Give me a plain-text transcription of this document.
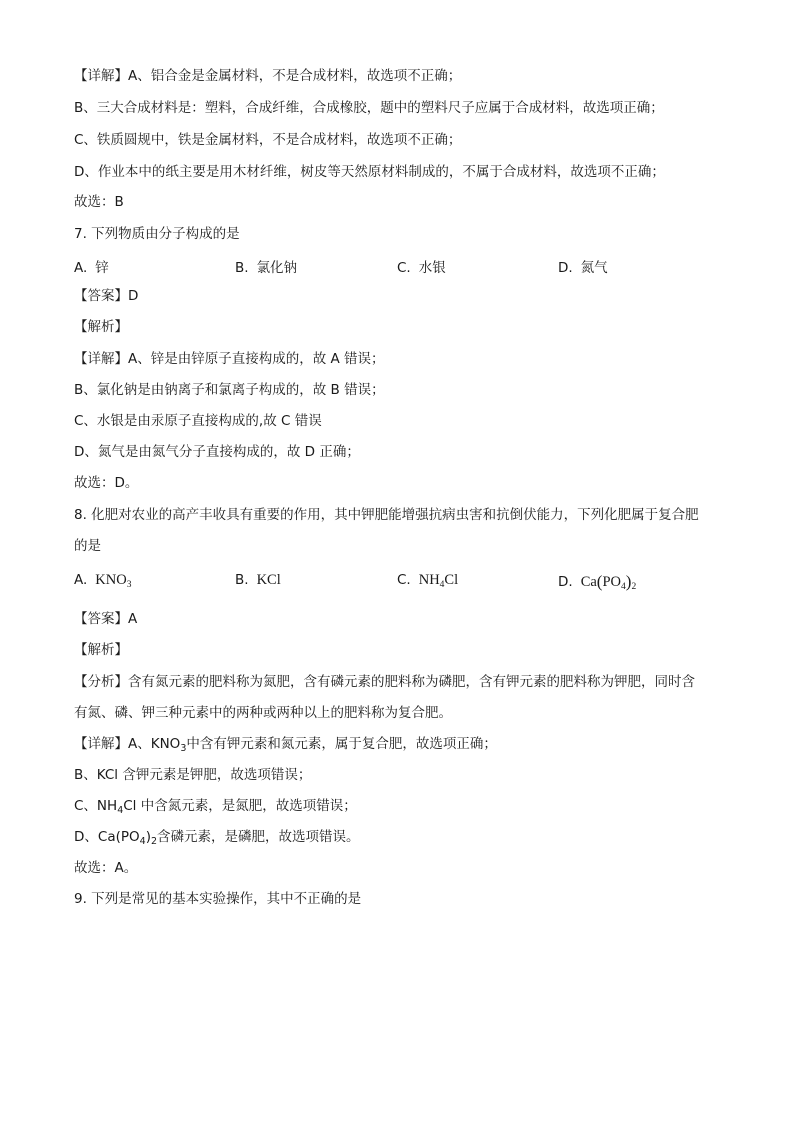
【详解】A、铝合金是金属材料，不是合成材料，故选项不正确；
B、三大合成材料是：塑料，合成纤维，合成橡胶，题中的塑料尺子应属于合成材料，故选项正确；
C、铁质圆规中，铁是金属材料，不是合成材料，故选项不正确；
D、作业本中的纸主要是用木材纤维，树皮等天然原材料制成的，不属于合成材料，故选项不正确；
故选：B
7. 下列物质由分子构成的是
A. 锌	B. 氯化钠	C. 水银	D. 氮气
【答案】D
【解析】
【详解】A、锌是由锌原子直接构成的，故 A 错误；
B、氯化钠是由钠离子和氯离子构成的，故 B 错误；
C、水银是由汞原子直接构成的,故 C 错误
D、氮气是由氮气分子直接构成的，故 D 正确；
故选：D。
8. 化肥对农业的高产丰收具有重要的作用，其中钾肥能增强抗病虫害和抗倒伏能力，下列化肥属于复合肥
的是
A. $KNO_3$	B. KCl	C. $NH_4Cl$	D. $Ca(PO_4)_2$
【答案】A
【解析】
【分析】含有氮元素的肥料称为氮肥，含有磷元素的肥料称为磷肥，含有钾元素的肥料称为钾肥，同时含
有氮、磷、钾三种元素中的两种或两种以上的肥料称为复合肥。
【详解】A、$KNO_3$中含有钾元素和氮元素，属于复合肥，故选项正确；
B、KCl 含钾元素是钾肥，故选项错误；
C、$NH_4Cl$ 中含氮元素，是氮肥，故选项错误；
D、$Ca(PO_4)_2$含磷元素，是磷肥，故选项错误。
故选：A。
9. 下列是常见的基本实验操作，其中不正确的是
